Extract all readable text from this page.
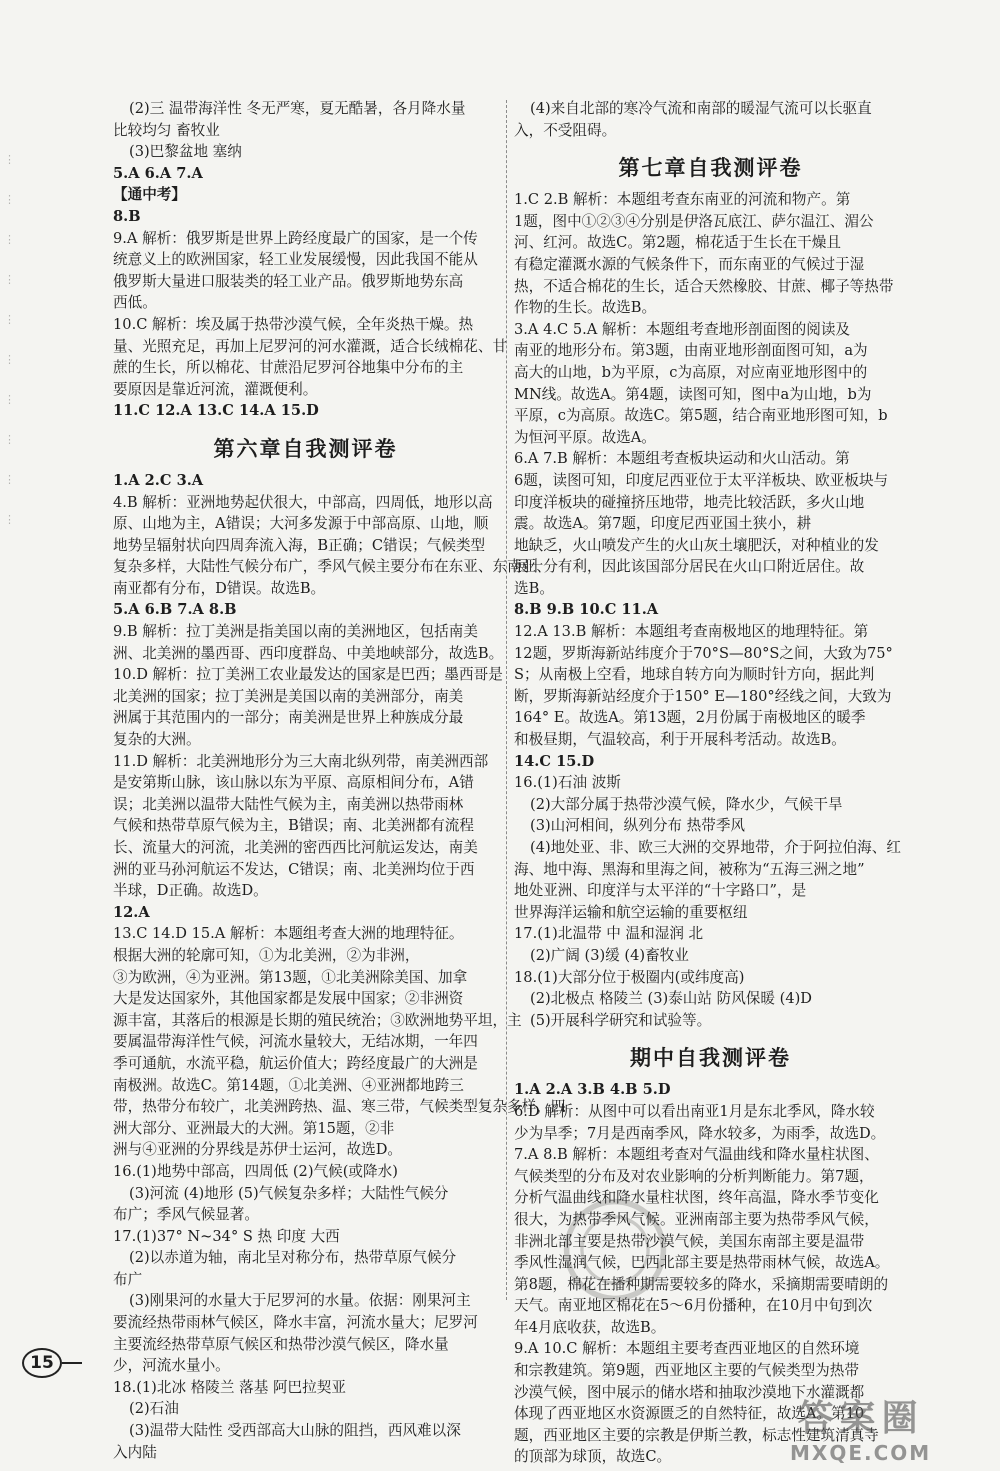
⋮
⋮
⋮
⋮
⋮
⋮
⋮
⋮
⋮
⋮
(2)三 温带海洋性 冬无严寒，夏无酷暑，各月降水量
比较均匀 畜牧业
(3)巴黎盆地 塞纳
5.A 6.A 7.A
【通中考】
8.B
9.A 解析：俄罗斯是世界上跨经度最广的国家，是一个传
统意义上的欧洲国家，轻工业发展缓慢，因此我国不能从
俄罗斯大量进口服装类的轻工业产品。俄罗斯地势东高
西低。
10.C 解析：埃及属于热带沙漠气候，全年炎热干燥。热
量、光照充足，再加上尼罗河的河水灌溉，适合长绒棉花、甘
蔗的生长，所以棉花、甘蔗沿尼罗河谷地集中分布的主
要原因是靠近河流，灌溉便利。
11.C 12.A 13.C 14.A 15.D
第六章自我测评卷
1.A 2.C 3.A
4.B 解析：亚洲地势起伏很大，中部高，四周低，地形以高
原、山地为主，A错误；大河多发源于中部高原、山地，顺
地势呈辐射状向四周奔流入海，B正确；C错误；气候类型
复杂多样，大陆性气候分布广，季风气候主要分布在东亚、东南亚、
南亚都有分布，D错误。故选B。
5.A 6.B 7.A 8.B
9.B 解析：拉丁美洲是指美国以南的美洲地区，包括南美
洲、北美洲的墨西哥、西印度群岛、中美地峡部分，故选B。
10.D 解析：拉丁美洲工农业最发达的国家是巴西；墨西哥是
北美洲的国家；拉丁美洲是美国以南的美洲部分，南美
洲属于其范围内的一部分；南美洲是世界上种族成分最
复杂的大洲。
11.D 解析：北美洲地形分为三大南北纵列带，南美洲西部
是安第斯山脉，该山脉以东为平原、高原相间分布，A错
误；北美洲以温带大陆性气候为主，南美洲以热带雨林
气候和热带草原气候为主，B错误；南、北美洲都有流程
长、流量大的河流，北美洲的密西西比河航运发达，南美
洲的亚马孙河航运不发达，C错误；南、北美洲均位于西
半球，D正确。故选D。
12.A
13.C 14.D 15.A 解析：本题组考查大洲的地理特征。
根据大洲的轮廓可知，①为北美洲，②为非洲，
③为欧洲，④为亚洲。第13题，①北美洲除美国、加拿
大是发达国家外，其他国家都是发展中国家；②非洲资
源丰富，其落后的根源是长期的殖民统治；③欧洲地势平坦，主
要属温带海洋性气候，河流水量较大，无结冰期，一年四
季可通航，水流平稳，航运价值大；跨经度最广的大洲是
南极洲。故选C。第14题，①北美洲、④亚洲都地跨三
带，热带分布较广，北美洲跨热、温、寒三带，气候类型复杂多样，四
洲大部分、亚洲最大的大洲。第15题，②非
洲与④亚洲的分界线是苏伊士运河，故选D。
16.(1)地势中部高，四周低 (2)气候(或降水)
(3)河流 (4)地形 (5)气候复杂多样；大陆性气候分
布广；季风气候显著。
17.(1)37° N~34° S 热 印度 大西
(2)以赤道为轴，南北呈对称分布，热带草原气候分
布广
(3)刚果河的水量大于尼罗河的水量。依据：刚果河主
要流经热带雨林气候区，降水丰富，河流水量大；尼罗河
主要流经热带草原气候区和热带沙漠气候区，降水量
少，河流水量小。
18.(1)北冰 格陵兰 落基 阿巴拉契亚
(2)石油
(3)温带大陆性 受西部高大山脉的阻挡，西风难以深
入内陆
(4)来自北部的寒冷气流和南部的暖湿气流可以长驱直
入，不受阻碍。
第七章自我测评卷
1.C 2.B 解析：本题组考查东南亚的河流和物产。第
1题，图中①②③④分别是伊洛瓦底江、萨尔温江、湄公
河、红河。故选C。第2题，棉花适于生长在干燥且
有稳定灌溉水源的气候条件下，而东南亚的气候过于湿
热，不适合棉花的生长，适合天然橡胶、甘蔗、椰子等热带
作物的生长。故选B。
3.A 4.C 5.A 解析：本题组考查地形剖面图的阅读及
南亚的地形分布。第3题，由南亚地形剖面图可知，a为
高大的山地，b为平原，c为高原，对应南亚地形图中的
MN线。故选A。第4题，读图可知，图中a为山地，b为
平原，c为高原。故选C。第5题，结合南亚地形图可知，b
为恒河平原。故选A。
6.A 7.B 解析：本题组考查板块运动和火山活动。第
6题，读图可知，印度尼西亚位于太平洋板块、欧亚板块与
印度洋板块的碰撞挤压地带，地壳比较活跃，多火山地
震。故选A。第7题，印度尼西亚国土狭小，耕
地缺乏，火山喷发产生的火山灰土壤肥沃，对种植业的发
展十分有利，因此该国部分居民在火山口附近居住。故
选B。
8.B 9.B 10.C 11.A
12.A 13.B 解析：本题组考查南极地区的地理特征。第
12题，罗斯海新站纬度介于70°S—80°S之间，大致为75°
S；从南极上空看，地球自转方向为顺时针方向，据此判
断，罗斯海新站经度介于150° E—180°经线之间，大致为
164° E。故选A。第13题，2月份属于南极地区的暖季
和极昼期，气温较高，利于开展科考活动。故选B。
14.C 15.D
16.(1)石油 波斯
(2)大部分属于热带沙漠气候，降水少，气候干旱
(3)山河相间，纵列分布 热带季风
(4)地处亚、非、欧三大洲的交界地带，介于阿拉伯海、红
海、地中海、黑海和里海之间，被称为“五海三洲之地”
地处亚洲、印度洋与太平洋的“十字路口”，是
世界海洋运输和航空运输的重要枢纽
17.(1)北温带 中 温和湿润 北
(2)广阔 (3)缓 (4)畜牧业
18.(1)大部分位于极圈内(或纬度高)
(2)北极点 格陵兰 (3)泰山站 防风保暖 (4)D
(5)开展科学研究和试验等。
期中自我测评卷
1.A 2.A 3.B 4.B 5.D
6.D 解析：从图中可以看出南亚1月是东北季风，降水较
少为旱季；7月是西南季风，降水较多，为雨季，故选D。
7.A 8.B 解析：本题组考查对气温曲线和降水量柱状图、
气候类型的分布及对农业影响的分析判断能力。第7题，
分析气温曲线和降水量柱状图，终年高温，降水季节变化
很大，为热带季风气候。亚洲南部主要为热带季风气候，
非洲北部主要是热带沙漠气候，美国东南部主要是温带
季风性湿润气候，巴西北部主要是热带雨林气候，故选A。
第8题，棉花在播种期需要较多的降水，采摘期需要晴朗的
天气。南亚地区棉花在5～6月份播种，在10月中旬到次
年4月底收获，故选B。
9.A 10.C 解析：本题组主要考查西亚地区的自然环境
和宗教建筑。第9题，西亚地区主要的气候类型为热带
沙漠气候，图中展示的储水塔和抽取沙漠地下水灌溉都
体现了西亚地区水资源匮乏的自然特征，故选A。第10
题，西亚地区主要的宗教是伊斯兰教，标志性建筑清真寺
的顶部为球顶，故选C。
15
答案圈
MXQE.COM
